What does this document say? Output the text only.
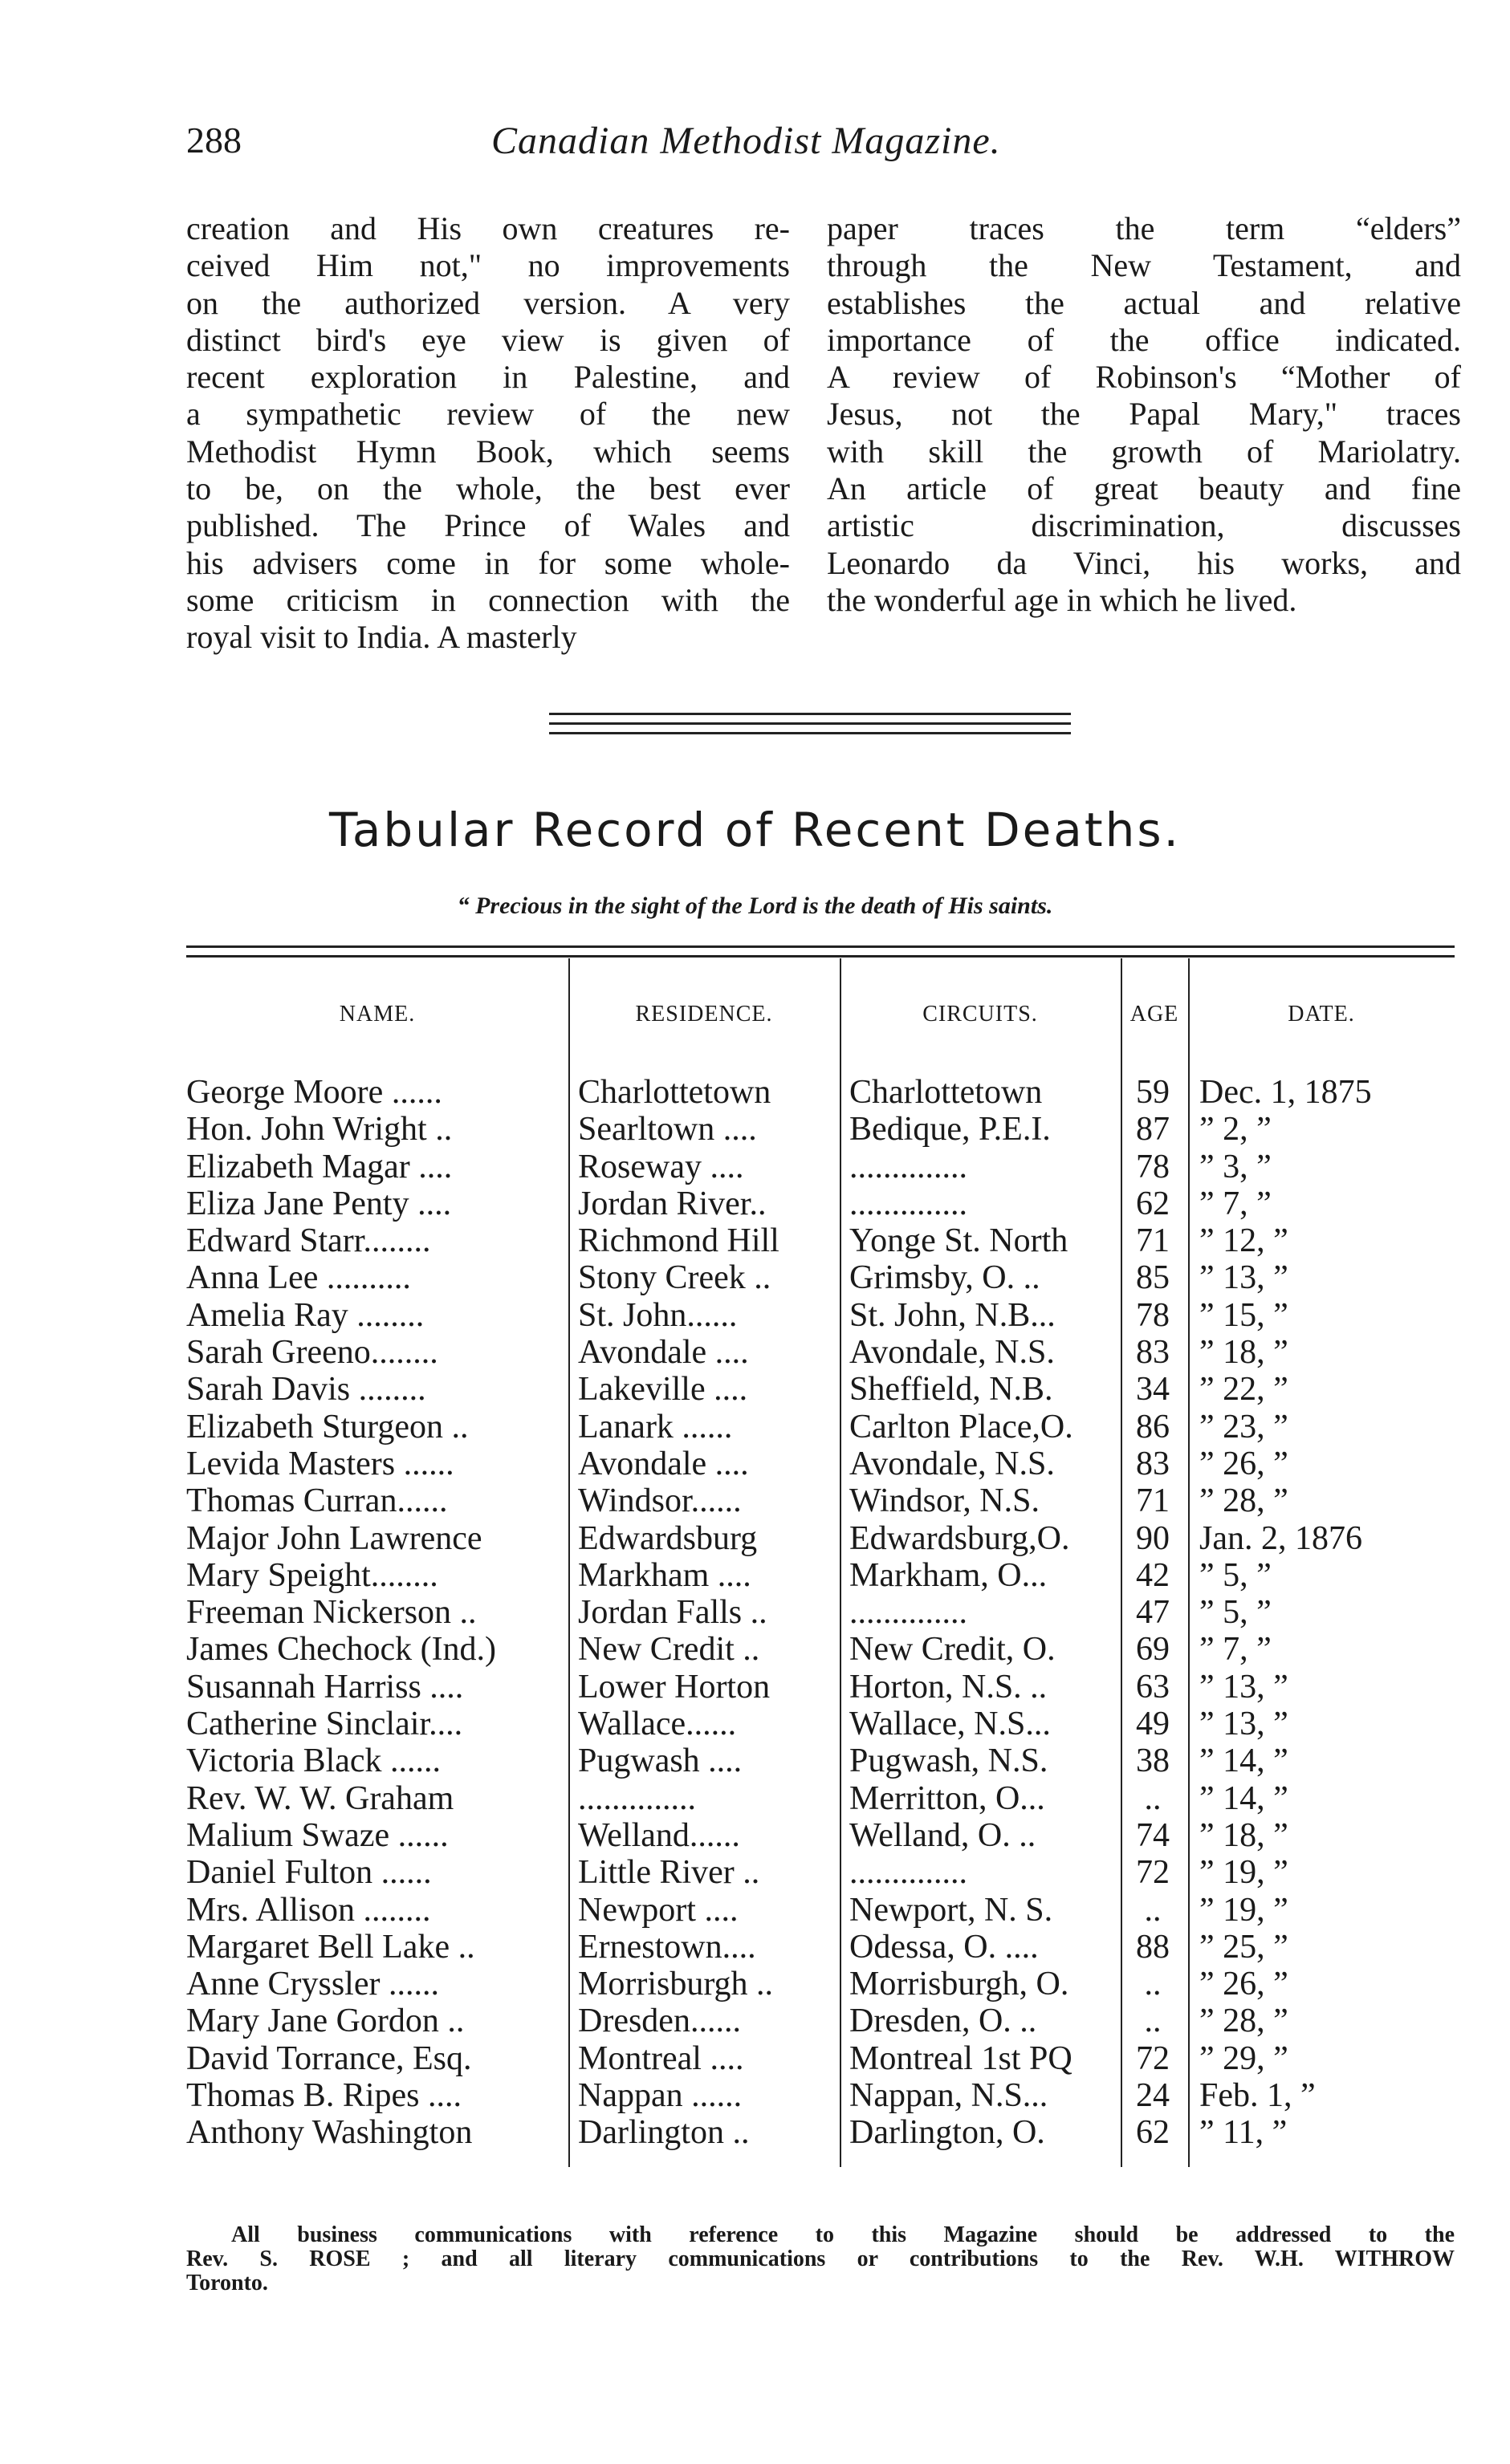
288	Canadian Methodist Magazine.

creation and His own creatures re-

ceived Him not," no improvements

on the authorized version. A very

distinct bird's eye view is given of

recent exploration in Palestine, and

a sympathetic review of the new

Methodist Hymn Book, which seems

to be, on the whole, the best ever

published. The Prince of Wales and

his advisers come in for some whole-

some criticism in connection with the

royal visit to India. A masterly

paper traces the term “elders”

through the New Testament, and

establishes the actual and relative

importance of the office indicated.

A review of Robinson's “Mother of

Jesus, not the Papal Mary," traces

with skill the growth of Mariolatry.

An article of great beauty and fine

artistic discrimination, discusses

Leonardo da Vinci, his works, and

the wonderful age in which he lived.

Tabular Record of Recent Deaths.
“ Precious in the sight of the Lord is the death of His saints.
NAME.	RESIDENCE.	CIRCUITS.	AGE	DATE.
George Moore ......	Charlottetown	Charlottetown	59 Dec. 1, 1875
Hon. John Wright ..	Searltown ....	Bedique, P.E.I.	87 ” 2, ”
Elizabeth Magar ....	Roseway ....	..............	78 ” 3, ”
Eliza Jane Penty ....	Jordan River..	..............	62 ” 7, ”
Edward Starr........	Richmond Hill	Yonge St. North	71 ” 12, ”
Anna Lee ..........	Stony Creek ..	Grimsby, O. ..	85 ” 13, ”
Amelia Ray ........	St. John......	St. John, N.B...	78 ” 15, ”
Sarah Greeno........	Avondale ....	Avondale, N.S.	83 ” 18, ”
Sarah Davis ........	Lakeville ....	Sheffield, N.B.	34 ” 22, ”
Elizabeth Sturgeon ..	Lanark ......	Carlton Place,O.	86 ” 23, ”
Levida Masters ......	Avondale ....	Avondale, N.S.	83 ” 26, ”
Thomas Curran......	Windsor......	Windsor, N.S.	71 ” 28, ”
Major John Lawrence	Edwardsburg	Edwardsburg,O.	90 Jan. 2, 1876
Mary Speight........	Markham ....	Markham, O...	42 ” 5, ”
Freeman Nickerson ..	Jordan Falls ..	..............	47 ” 5, ”
James Chechock (Ind.)	New Credit ..	New Credit, O.	69 ” 7, ”
Susannah Harriss ....	Lower Horton	Horton, N.S. ..	63 ” 13, ”
Catherine Sinclair....	Wallace......	Wallace, N.S...	49 ” 13, ”
Victoria Black ......	Pugwash ....	Pugwash, N.S.	38 ” 14, ”
Rev. W. W. Graham	..............	Merritton, O...	..	” 14, ”
Malium Swaze ......	Welland......	Welland, O. ..	74 ” 18, ”
Daniel Fulton ......	Little River ..	..............	72 ” 19, ”
Mrs. Allison ........	Newport ....	Newport, N. S.	..	” 19, ”
Margaret Bell Lake ..	Ernestown....	Odessa, O. ....	88 ” 25, ”
Anne Cryssler ......	Morrisburgh ..	Morrisburgh, O.	..	” 26, ”
Mary Jane Gordon ..	Dresden......	Dresden, O. ..	..	” 28, ”
David Torrance, Esq.	Montreal ....	Montreal 1st PQ	72 ” 29, ”
Thomas B. Ripes ....	Nappan ......	Nappan, N.S...	24 Feb. 1, ”
Anthony Washington	Darlington ..	Darlington, O.	62 ” 11, ”

All business communications with reference to this Magazine should be addressed to the

Rev. S. ROSE ; and all literary communications or contributions to the Rev. W.H. WITHROW

Toronto.
